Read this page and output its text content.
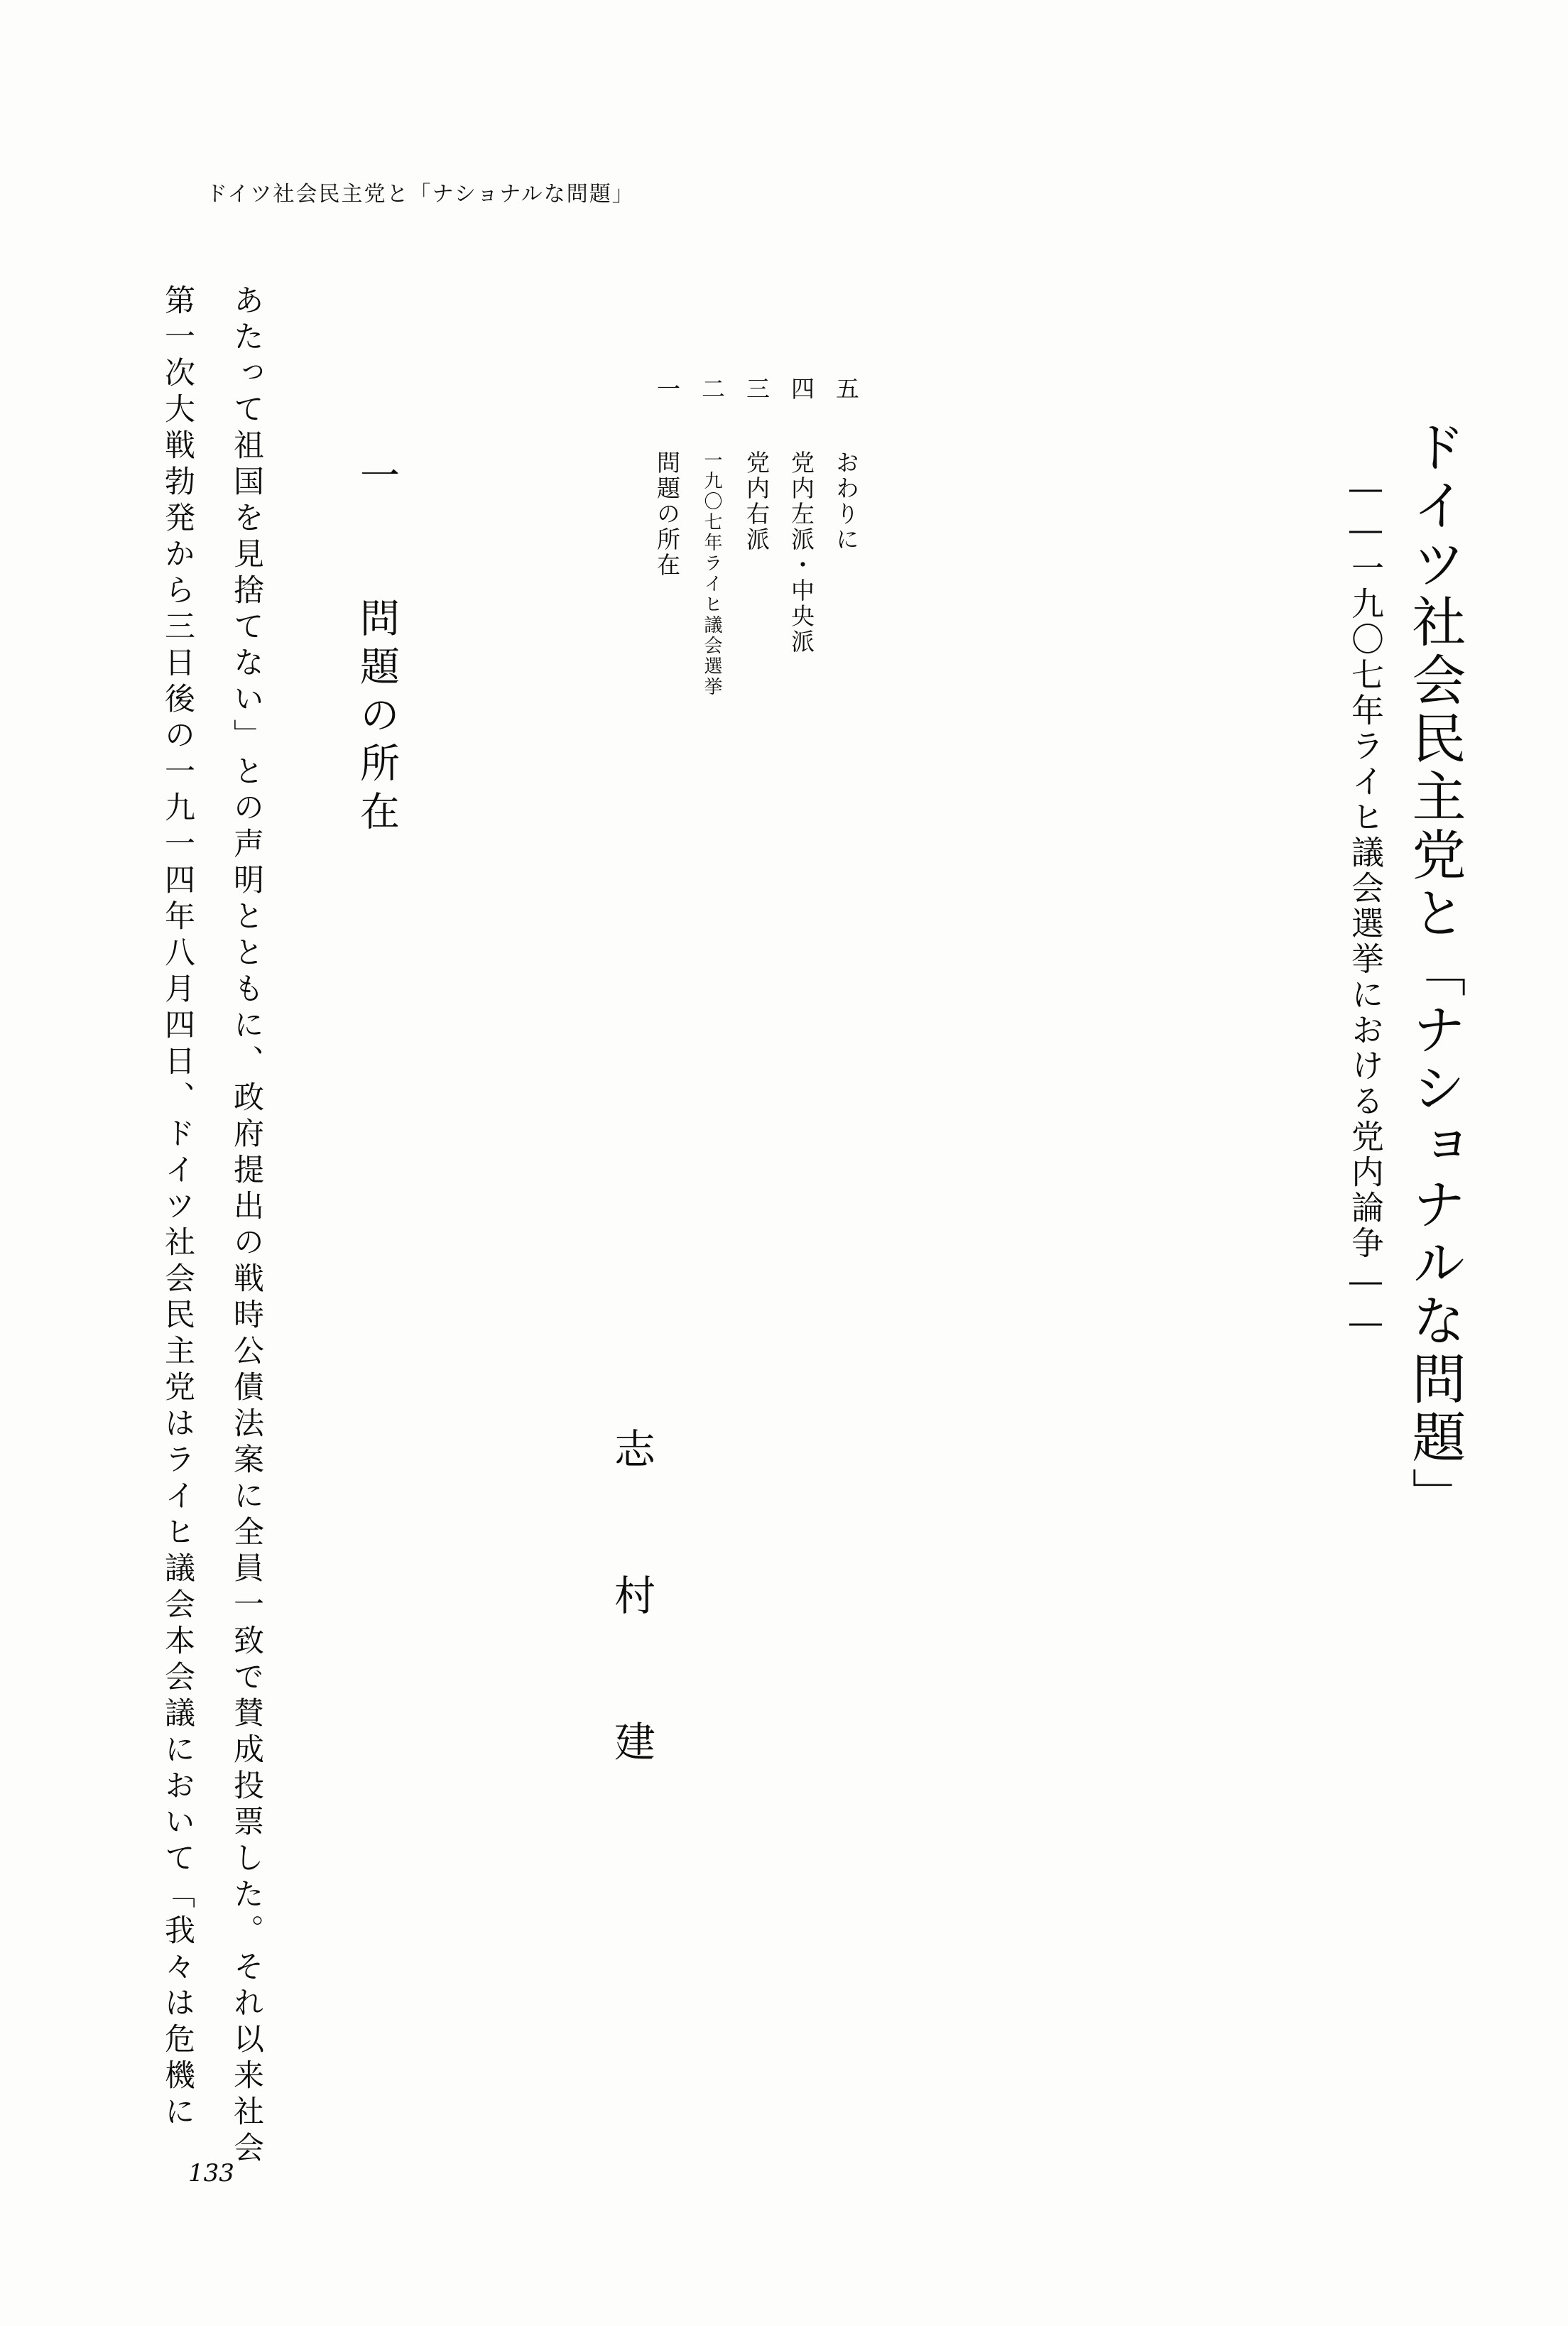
ドイツ社会民主党と「ナショナルな問題」
ドイツ社会民主党と「ナショナルな問題」
――一九〇七年ライヒ議会選挙における党内論争――
志 村 建
一 問題の所在
二 一九〇七年ライヒ議会選挙
三 党内右派
四 党内左派・中央派
五 おわりに
一 問題の所在
第一次大戦勃発から三日後の一九一四年八月四日、ドイツ社会民主党はライヒ議会本会議において「我々は危機に あたって祖国を見捨てない」との声明とともに、政府提出の戦時公債法案に全員一致で賛成投票した。それ以来社会
133
